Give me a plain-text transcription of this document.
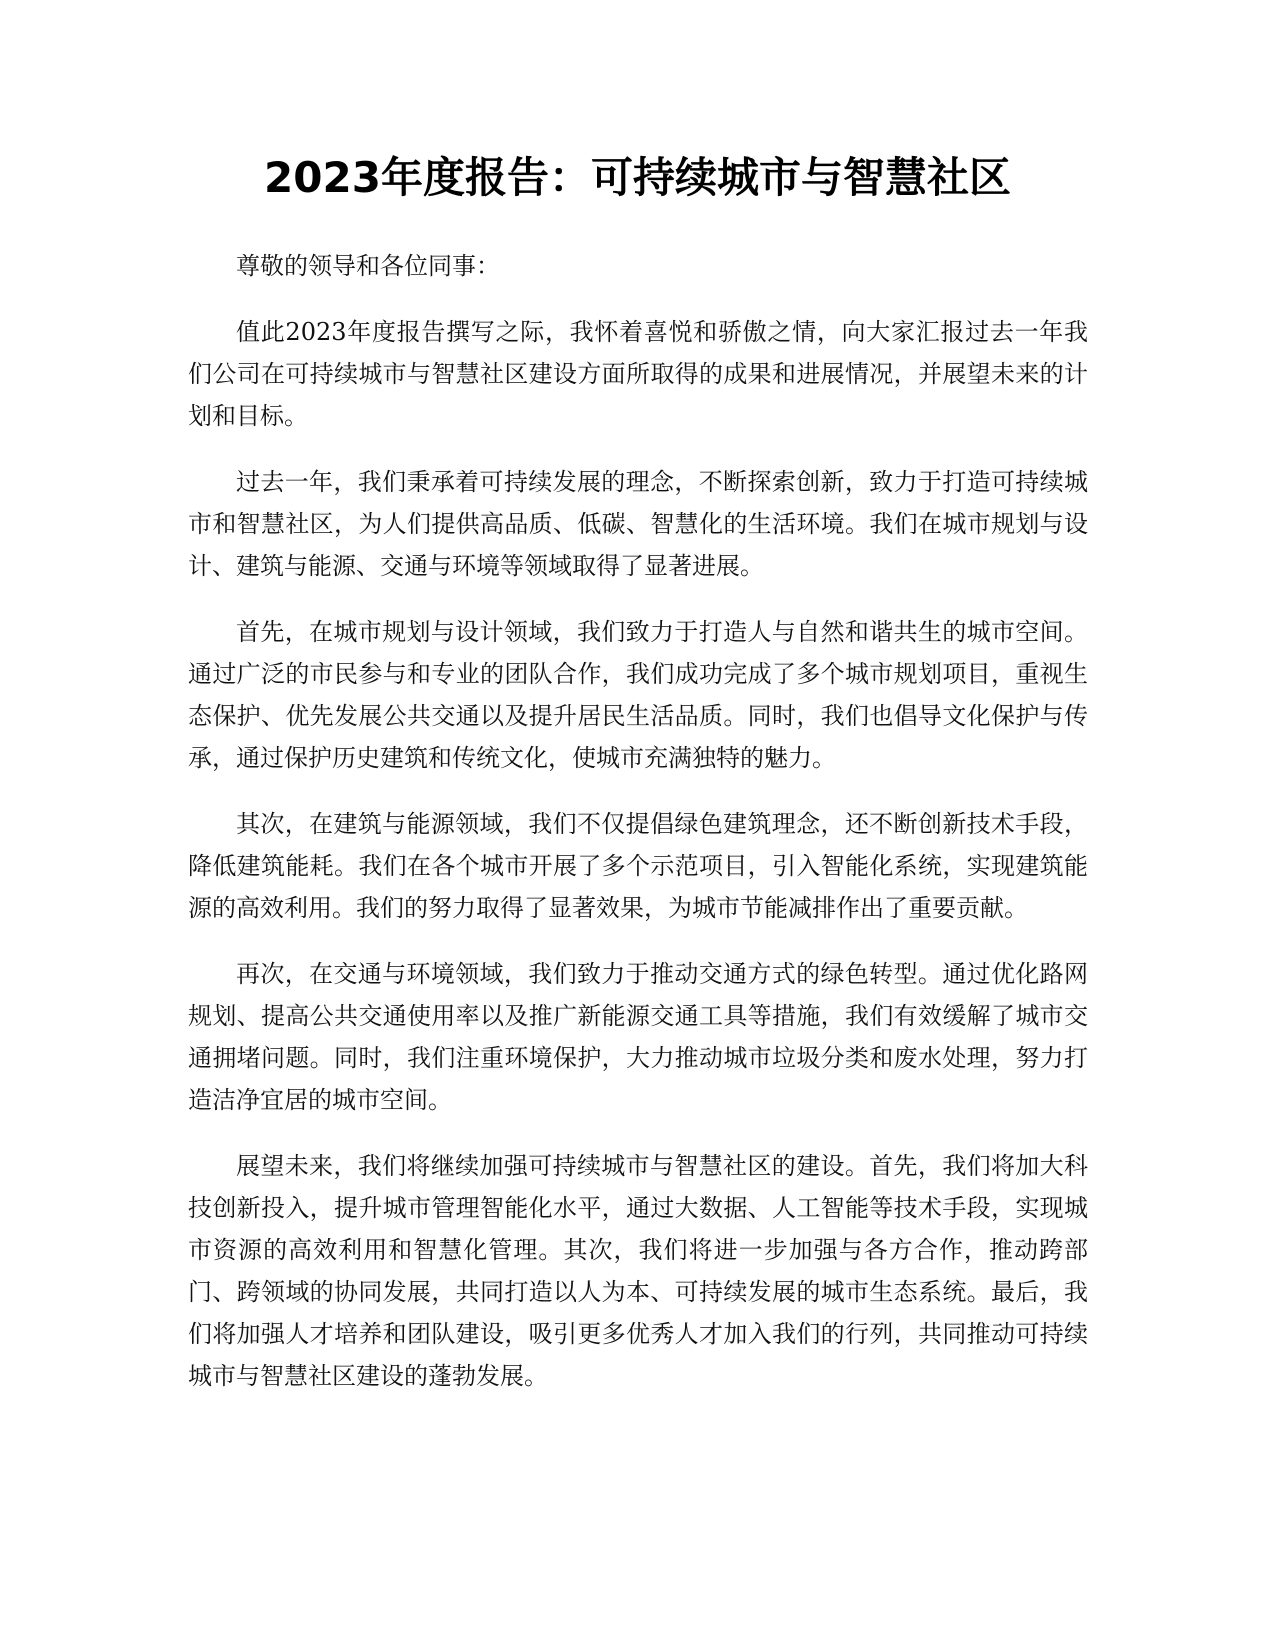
2023年度报告：可持续城市与智慧社区

尊敬的领导和各位同事：

值此2023年度报告撰写之际，我怀着喜悦和骄傲之情，向大家汇报过去一年我们公司在可持续城市与智慧社区建设方面所取得的成果和进展情况，并展望未来的计划和目标。

过去一年，我们秉承着可持续发展的理念，不断探索创新，致力于打造可持续城市和智慧社区，为人们提供高品质、低碳、智慧化的生活环境。我们在城市规划与设计、建筑与能源、交通与环境等领域取得了显著进展。

首先，在城市规划与设计领域，我们致力于打造人与自然和谐共生的城市空间。通过广泛的市民参与和专业的团队合作，我们成功完成了多个城市规划项目，重视生态保护、优先发展公共交通以及提升居民生活品质。同时，我们也倡导文化保护与传承，通过保护历史建筑和传统文化，使城市充满独特的魅力。

其次，在建筑与能源领域，我们不仅提倡绿色建筑理念，还不断创新技术手段，降低建筑能耗。我们在各个城市开展了多个示范项目，引入智能化系统，实现建筑能源的高效利用。我们的努力取得了显著效果，为城市节能减排作出了重要贡献。

再次，在交通与环境领域，我们致力于推动交通方式的绿色转型。通过优化路网规划、提高公共交通使用率以及推广新能源交通工具等措施，我们有效缓解了城市交通拥堵问题。同时，我们注重环境保护，大力推动城市垃圾分类和废水处理，努力打造洁净宜居的城市空间。

展望未来，我们将继续加强可持续城市与智慧社区的建设。首先，我们将加大科技创新投入，提升城市管理智能化水平，通过大数据、人工智能等技术手段，实现城市资源的高效利用和智慧化管理。其次，我们将进一步加强与各方合作，推动跨部门、跨领域的协同发展，共同打造以人为本、可持续发展的城市生态系统。最后，我们将加强人才培养和团队建设，吸引更多优秀人才加入我们的行列，共同推动可持续城市与智慧社区建设的蓬勃发展。
